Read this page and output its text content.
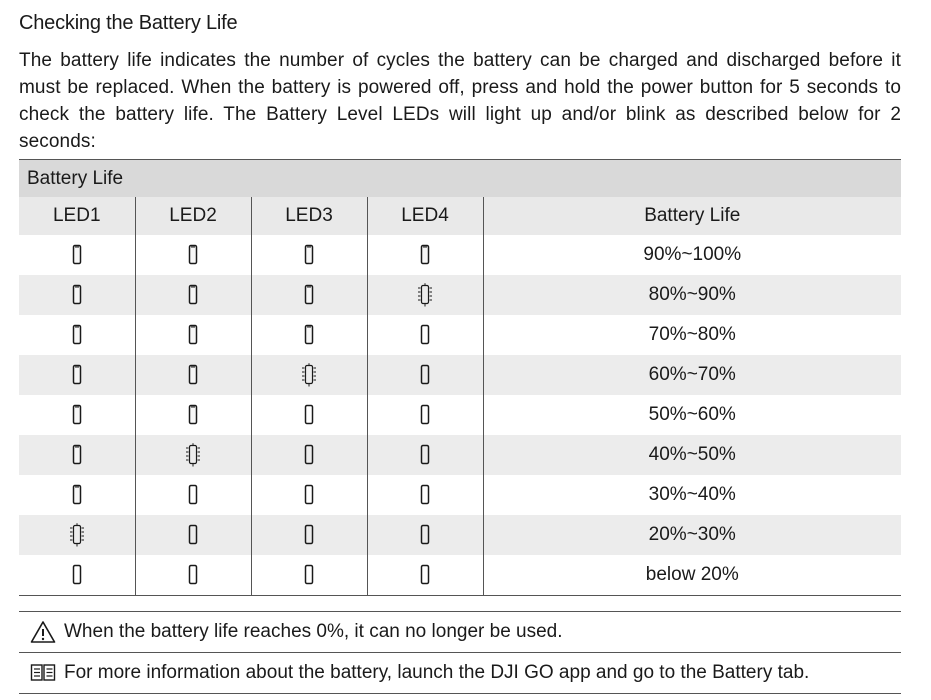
Checking the Battery Life
The battery life indicates the number of cycles the battery can be charged and discharged before it must be replaced. When the battery is powered off, press and hold the power button for 5 seconds to check the battery life. The Battery Level LEDs will light up and/or blink as described below for 2 seconds:
Battery Life				
LED1	LED2	LED3	LED4	Battery Life
				90%~100%
				80%~90%
				70%~80%
				60%~70%
				50%~60%
				40%~50%
				30%~40%
				20%~30%
				below 20%
When the battery life reaches 0%, it can no longer be used.
For more information about the battery, launch the DJI GO app and go to the Battery tab.
